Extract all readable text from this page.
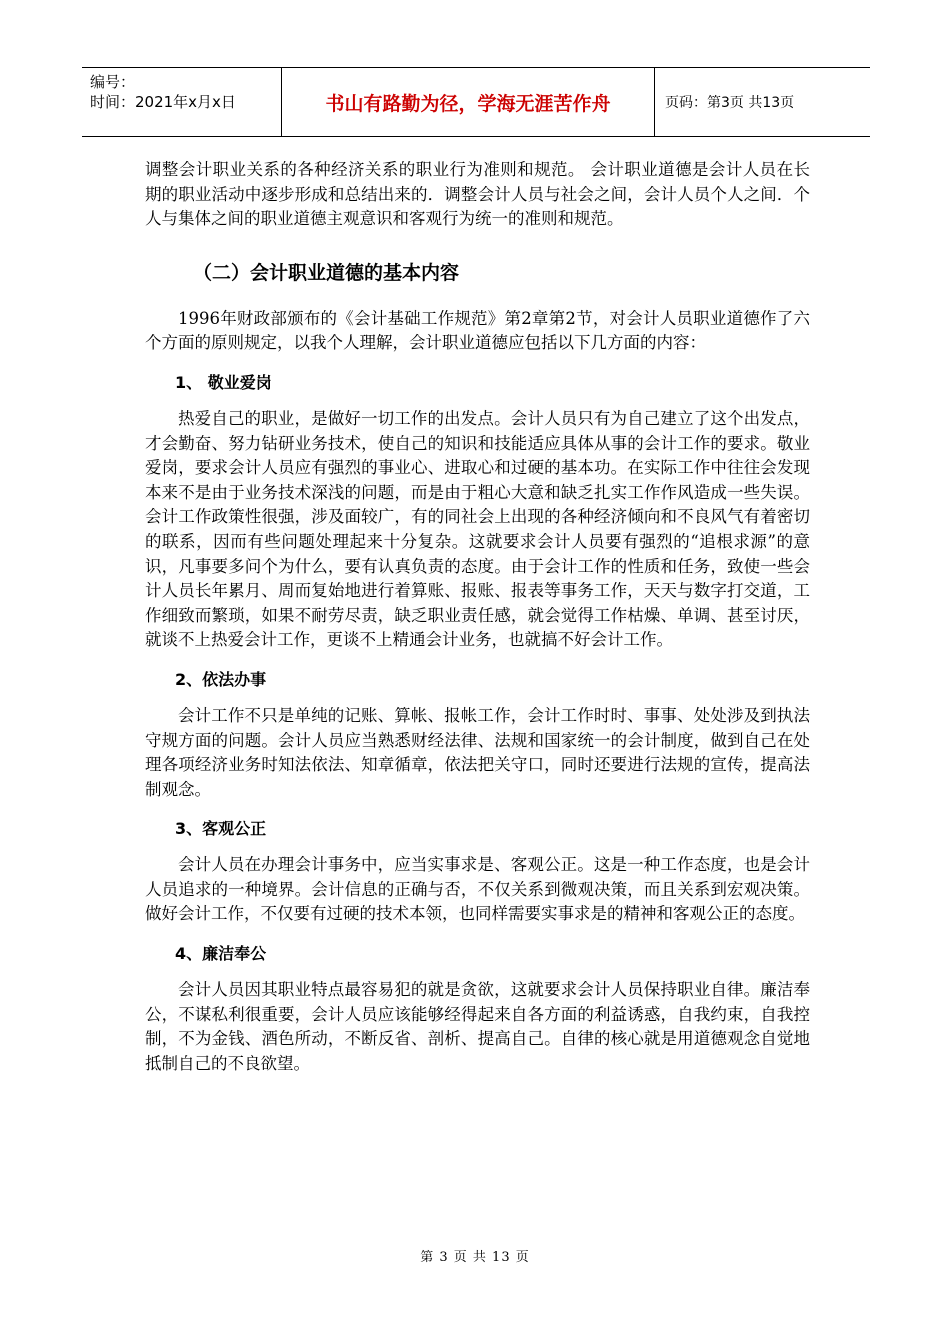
编号：
时间：2021年x月x日	书山有路勤为径，学海无涯苦作舟	页码：第3页 共13页

调整会计职业关系的各种经济关系的职业行为准则和规范。 会计职业道德是会计人员在长期的职业活动中逐步形成和总结出来的．调整会计人员与社会之间，会计人员个人之间．个人与集体之间的职业道德主观意识和客观行为统一的准则和规范。

（二）会计职业道德的基本内容

1996年财政部颁布的《会计基础工作规范》第2章第2节，对会计人员职业道德作了六个方面的原则规定，以我个人理解，会计职业道德应包括以下几方面的内容：

1、 敬业爱岗

热爱自己的职业，是做好一切工作的出发点。会计人员只有为自己建立了这个出发点，才会勤奋、努力钻研业务技术，使自己的知识和技能适应具体从事的会计工作的要求。敬业爱岗，要求会计人员应有强烈的事业心、进取心和过硬的基本功。在实际工作中往往会发现本来不是由于业务技术深浅的问题，而是由于粗心大意和缺乏扎实工作作风造成一些失误。会计工作政策性很强，涉及面较广，有的同社会上出现的各种经济倾向和不良风气有着密切的联系，因而有些问题处理起来十分复杂。这就要求会计人员要有强烈的“追根求源”的意识，凡事要多问个为什么，要有认真负责的态度。由于会计工作的性质和任务，致使一些会计人员长年累月、周而复始地进行着算账、报账、报表等事务工作，天天与数字打交道，工作细致而繁琐，如果不耐劳尽责，缺乏职业责任感，就会觉得工作枯燥、单调、甚至讨厌，就谈不上热爱会计工作，更谈不上精通会计业务，也就搞不好会计工作。

2、依法办事

会计工作不只是单纯的记账、算帐、报帐工作，会计工作时时、事事、处处涉及到执法守规方面的问题。会计人员应当熟悉财经法律、法规和国家统一的会计制度，做到自己在处理各项经济业务时知法依法、知章循章，依法把关守口，同时还要进行法规的宣传，提高法制观念。

3、客观公正

会计人员在办理会计事务中，应当实事求是、客观公正。这是一种工作态度，也是会计人员追求的一种境界。会计信息的正确与否，不仅关系到微观决策，而且关系到宏观决策。做好会计工作，不仅要有过硬的技术本领，也同样需要实事求是的精神和客观公正的态度。

4、廉洁奉公

会计人员因其职业特点最容易犯的就是贪欲，这就要求会计人员保持职业自律。廉洁奉公，不谋私利很重要，会计人员应该能够经得起来自各方面的利益诱惑，自我约束，自我控制，不为金钱、酒色所动，不断反省、剖析、提高自己。自律的核心就是用道德观念自觉地抵制自己的不良欲望。

第 3 页 共 13 页
